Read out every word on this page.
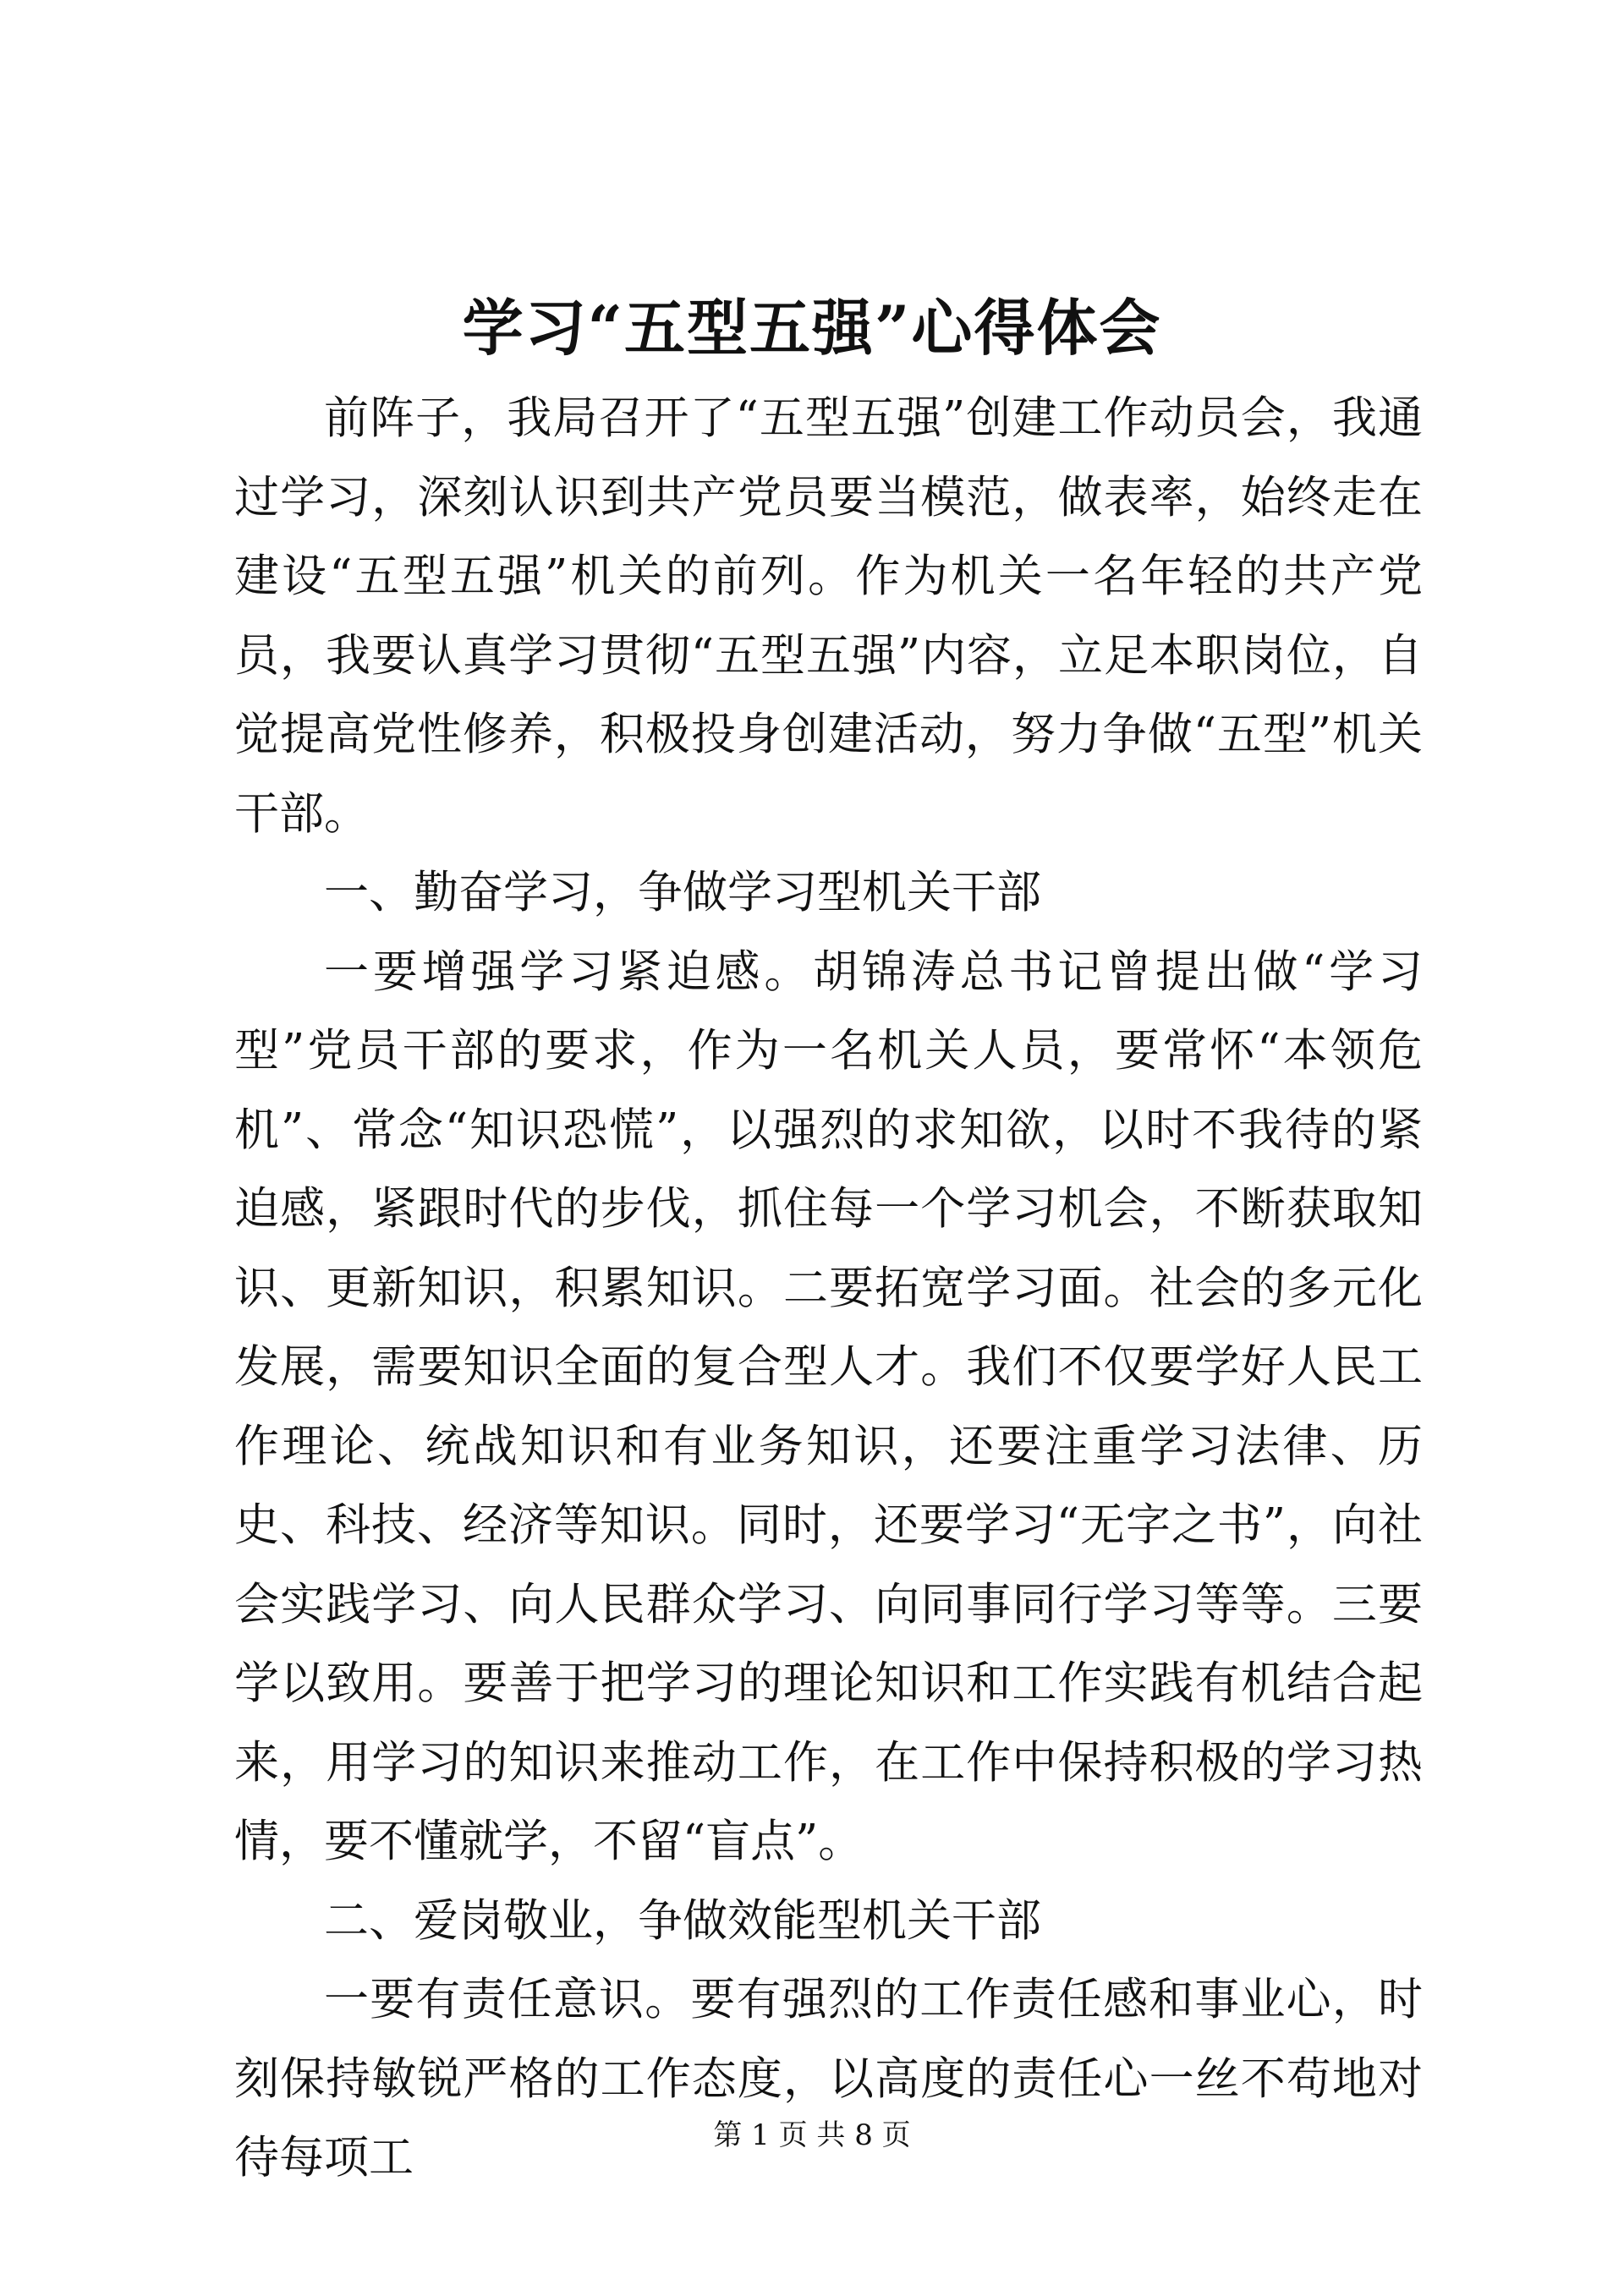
学习“五型五强”心得体会

前阵子，我局召开了“五型五强”创建工作动员会，我通过学习，深刻认识到共产党员要当模范，做表率，始终走在建设“五型五强”机关的前列。作为机关一名年轻的共产党员，我要认真学习贯彻“五型五强”内容，立足本职岗位，自觉提高党性修养，积极投身创建活动，努力争做“五型”机关干部。

一、勤奋学习，争做学习型机关干部

一要增强学习紧迫感。胡锦涛总书记曾提出做“学习型”党员干部的要求，作为一名机关人员，要常怀“本领危机”、常念“知识恐慌”，以强烈的求知欲，以时不我待的紧迫感，紧跟时代的步伐，抓住每一个学习机会，不断获取知识、更新知识，积累知识。二要拓宽学习面。社会的多元化发展，需要知识全面的复合型人才。我们不仅要学好人民工作理论、统战知识和有业务知识，还要注重学习法律、历史、科技、经济等知识。同时，还要学习“无字之书”，向社会实践学习、向人民群众学习、向同事同行学习等等。三要学以致用。要善于把学习的理论知识和工作实践有机结合起来，用学习的知识来推动工作，在工作中保持积极的学习热情，要不懂就学，不留“盲点”。

二、爱岗敬业，争做效能型机关干部

一要有责任意识。要有强烈的工作责任感和事业心，时刻保持敏锐严格的工作态度，以高度的责任心一丝不苟地对待每项工	第 1 页 共 8 页
